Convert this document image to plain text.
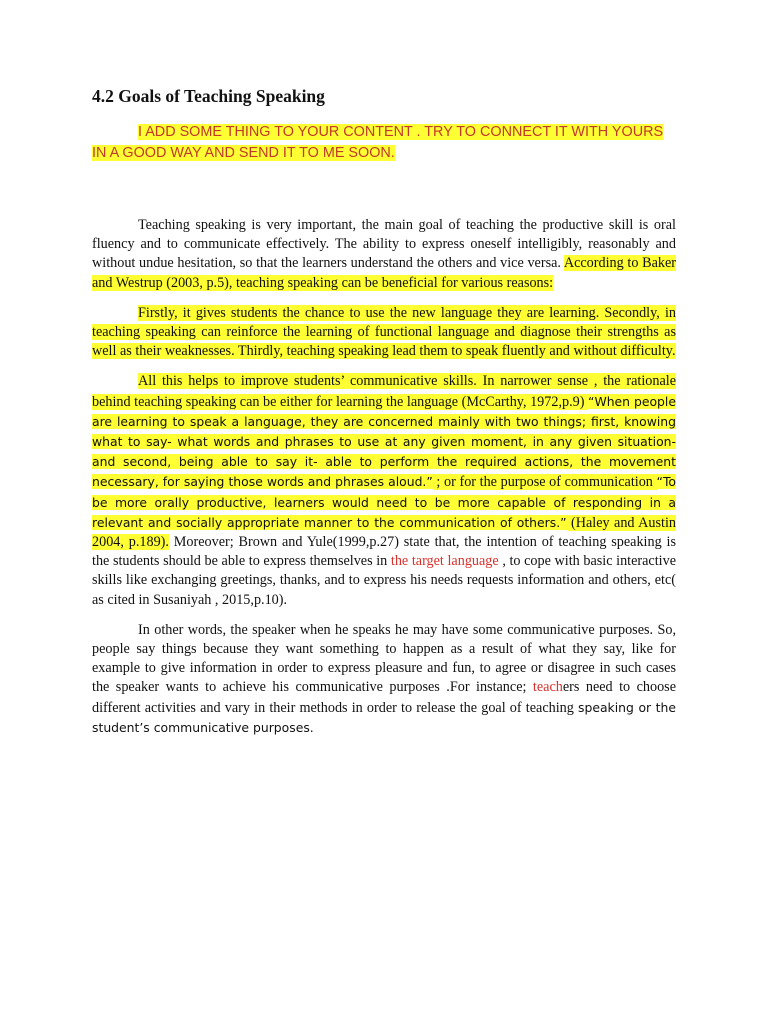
4.2 Goals of Teaching Speaking

I ADD SOME THING TO YOUR CONTENT . TRY TO CONNECT IT WITH YOURS IN A GOOD WAY AND SEND IT TO ME SOON.

Teaching speaking is very important, the main goal of teaching the productive skill is oral fluency and to communicate effectively. The ability to express oneself intelligibly, reasonably and without undue hesitation, so that the learners understand the others and vice versa. According to Baker and Westrup (2003, p.5), teaching speaking can be beneficial for various reasons:

Firstly, it gives students the chance to use the new language they are learning. Secondly, in teaching speaking can reinforce the learning of functional language and diagnose their strengths as well as their weaknesses. Thirdly, teaching speaking lead them to speak fluently and without difficulty.

All this helps to improve students’ communicative skills. In narrower sense , the rationale behind teaching speaking can be either for learning the language (McCarthy, 1972,p.9) “When people are learning to speak a language, they are concerned mainly with two things; first, knowing what to say- what words and phrases to use at any given moment, in any given situation- and second, being able to say it- able to perform the required actions, the movement necessary, for saying those words and phrases aloud.” ; or for the purpose of communication “To be more orally productive, learners would need to be more capable of responding in a relevant and socially appropriate manner to the communication of others.” (Haley and Austin 2004, p.189). Moreover; Brown and Yule(1999,p.27) state that, the intention of teaching speaking is the students should be able to express themselves in the target language , to cope with basic interactive skills like exchanging greetings, thanks, and to express his needs requests information and others, etc( as cited in Susaniyah , 2015,p.10).

In other words, the speaker when he speaks he may have some communicative purposes. So, people say things because they want something to happen as a result of what they say, like for example to give information in order to express pleasure and fun, to agree or disagree in such cases the speaker wants to achieve his communicative purposes .For instance; teachers need to choose different activities and vary in their methods in order to release the goal of teaching speaking or the student’s communicative purposes.
